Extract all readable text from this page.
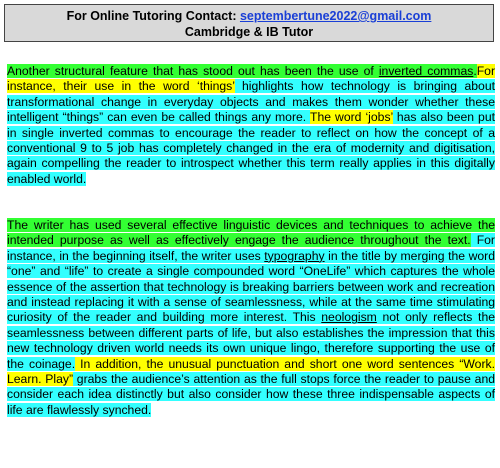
For Online Tutoring Contact: septembertune2022@gmail.com
Cambridge & IB Tutor

Another structural feature that has stood out has been the use of inverted commas.For instance, their use in the word ‘things’ highlights how technology is bringing about transformational change in everyday objects and makes them wonder whether these intelligent “things” can even be called things any more. The word ‘jobs’ has also been put in single inverted commas to encourage the reader to reflect on how the concept of a conventional 9 to 5 job has completely changed in the era of modernity and digitisation, again compelling the reader to introspect whether this term really applies in this digitally enabled world.

The writer has used several effective linguistic devices and techniques to achieve the intended purpose as well as effectively engage the audience throughout the text. For instance, in the beginning itself, the writer uses typography in the title by merging the word “one” and “life” to create a single compounded word “OneLife” which captures the whole essence of the assertion that technology is breaking barriers between work and recreation and instead replacing it with a sense of seamlessness, while at the same time stimulating curiosity of the reader and building more interest. This neologism not only reflects the seamlessness between different parts of life, but also establishes the impression that this new technology driven world needs its own unique lingo, therefore supporting the use of the coinage. In addition, the unusual punctuation and short one word sentences “Work. Learn. Play” grabs the audience’s attention as the full stops force the reader to pause and consider each idea distinctly but also consider how these three indispensable aspects of life are flawlessly synched.
